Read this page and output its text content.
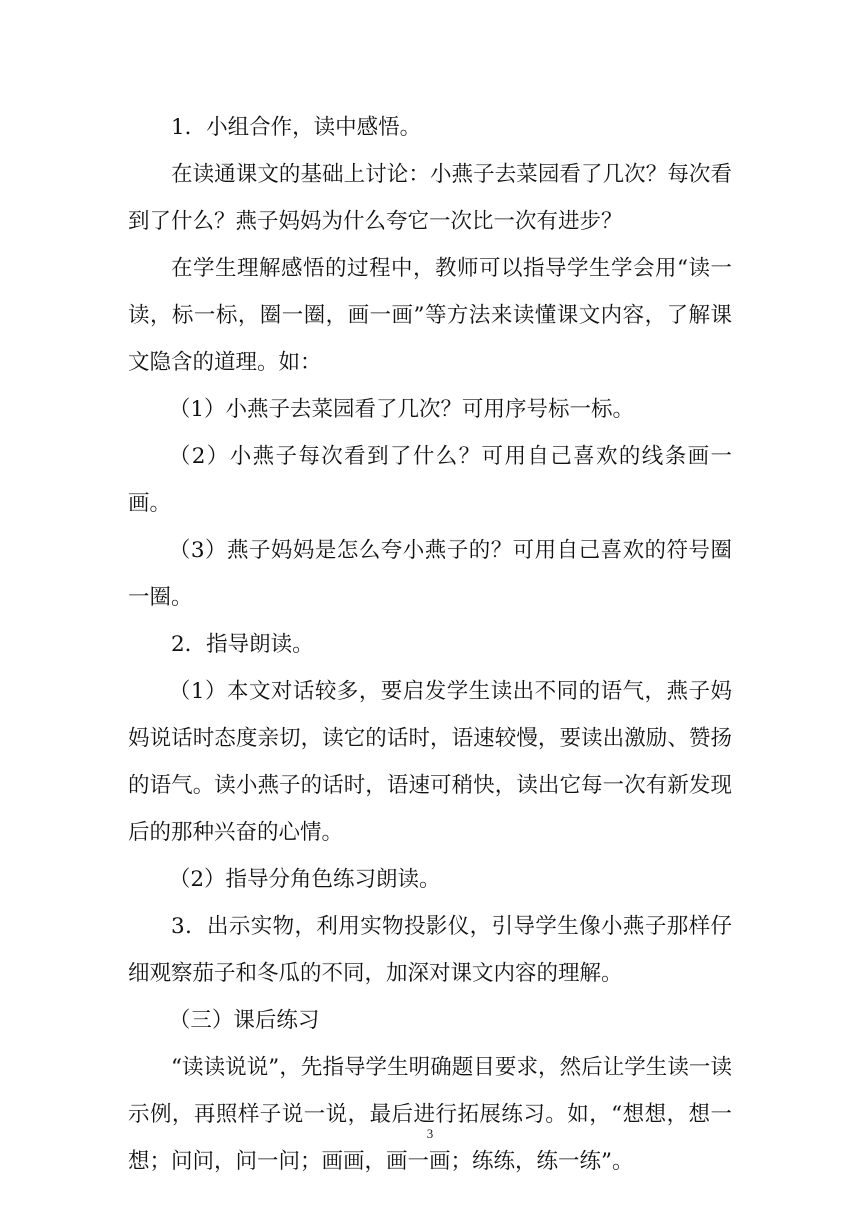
1．小组合作，读中感悟。

在读通课文的基础上讨论：小燕子去菜园看了几次？每次看到了什么？燕子妈妈为什么夸它一次比一次有进步？

在学生理解感悟的过程中，教师可以指导学生学会用“读一读，标一标，圈一圈，画一画”等方法来读懂课文内容，了解课文隐含的道理。如：

（1）小燕子去菜园看了几次？可用序号标一标。

（2）小燕子每次看到了什么？可用自己喜欢的线条画一画。

（3）燕子妈妈是怎么夸小燕子的？可用自己喜欢的符号圈一圈。

2．指导朗读。

（1）本文对话较多，要启发学生读出不同的语气，燕子妈妈说话时态度亲切，读它的话时，语速较慢，要读出激励、赞扬的语气。读小燕子的话时，语速可稍快，读出它每一次有新发现后的那种兴奋的心情。

（2）指导分角色练习朗读。

3．出示实物，利用实物投影仪，引导学生像小燕子那样仔细观察茄子和冬瓜的不同，加深对课文内容的理解。

（三）课后练习

“读读说说”，先指导学生明确题目要求，然后让学生读一读示例，再照样子说一说，最后进行拓展练习。如，“想想，想一想；问问，问一问；画画，画一画；练练，练一练”。

3
